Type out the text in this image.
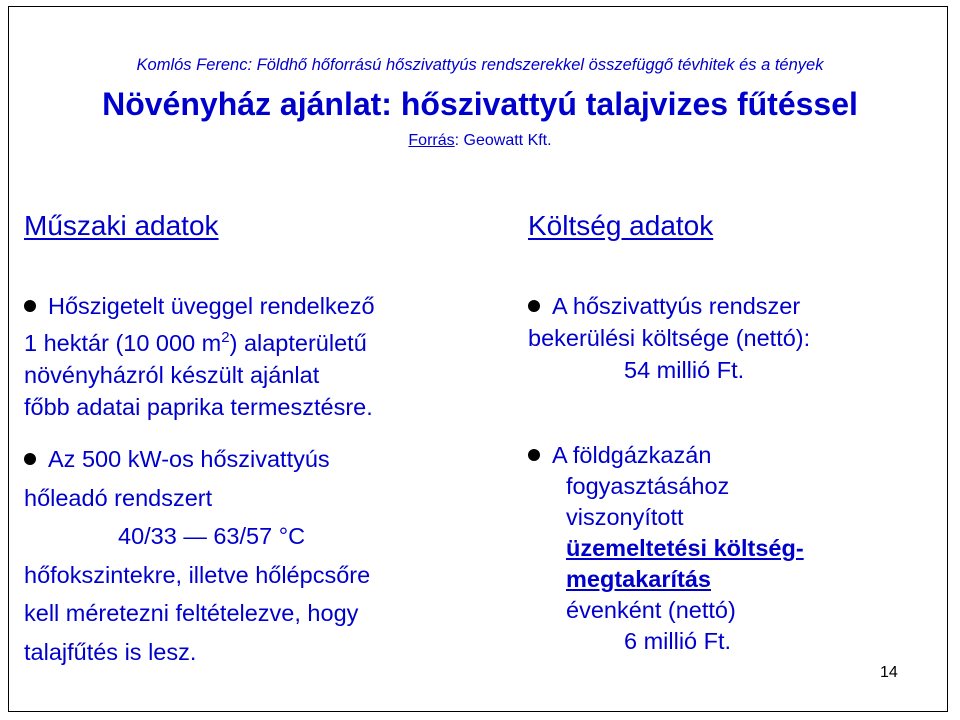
Komlós Ferenc: Földhő hőforrású hőszivattyús rendszerekkel összefüggő tévhitek és a tények
Növényház ajánlat: hőszivattyú talajvizes fűtéssel
Forrás: Geowatt Kft.
Műszaki adatok
Hőszigetelt üveggel rendelkező
1 hektár (10 000 $m^2$) alapterületű
növényházról készült ajánlat
főbb adatai paprika termesztésre.
Az 500 kW-os hőszivattyús
hőleadó rendszert
40/33 — 63/57 °C
hőfokszintekre, illetve hőlépcsőre
kell méretezni feltételezve, hogy
talajfűtés is lesz.
Költség adatok
A hőszivattyús rendszer
bekerülési költsége (nettó):
54 millió Ft.
A földgázkazán
fogyasztásához
viszonyított
üzemeltetési költség-
megtakarítás
évenként (nettó)
6 millió Ft.
14
